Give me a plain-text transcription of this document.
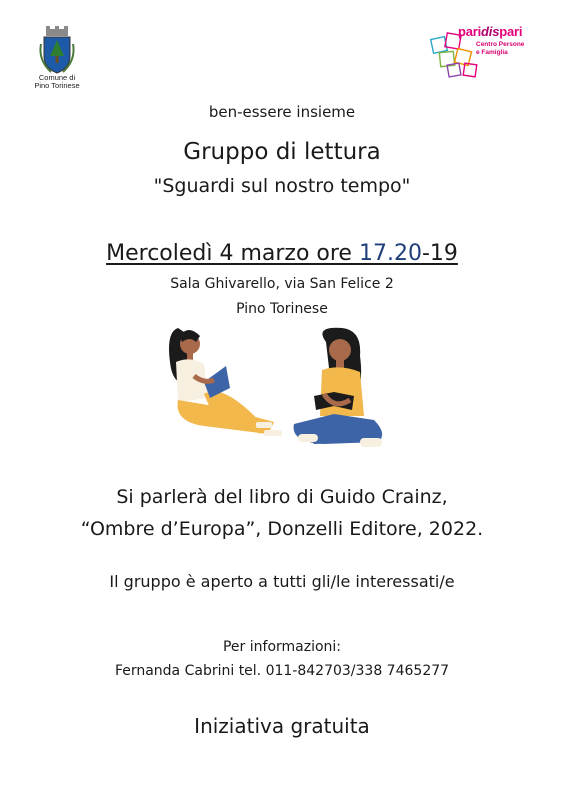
Comune di
Pino Torinese
paridispari
Centro Persone
e Famiglia
ben-essere insieme
Gruppo di lettura
"Sguardi sul nostro tempo"
Mercoledì 4 marzo ore 17.20-19
Sala Ghivarello, via San Felice 2
Pino Torinese
Si parlerà del libro di Guido Crainz,
“Ombre d’Europa”, Donzelli Editore, 2022.
Il gruppo è aperto a tutti gli/le interessati/e
Per informazioni:
Fernanda Cabrini tel. 011-842703/338 7465277
Iniziativa gratuita
